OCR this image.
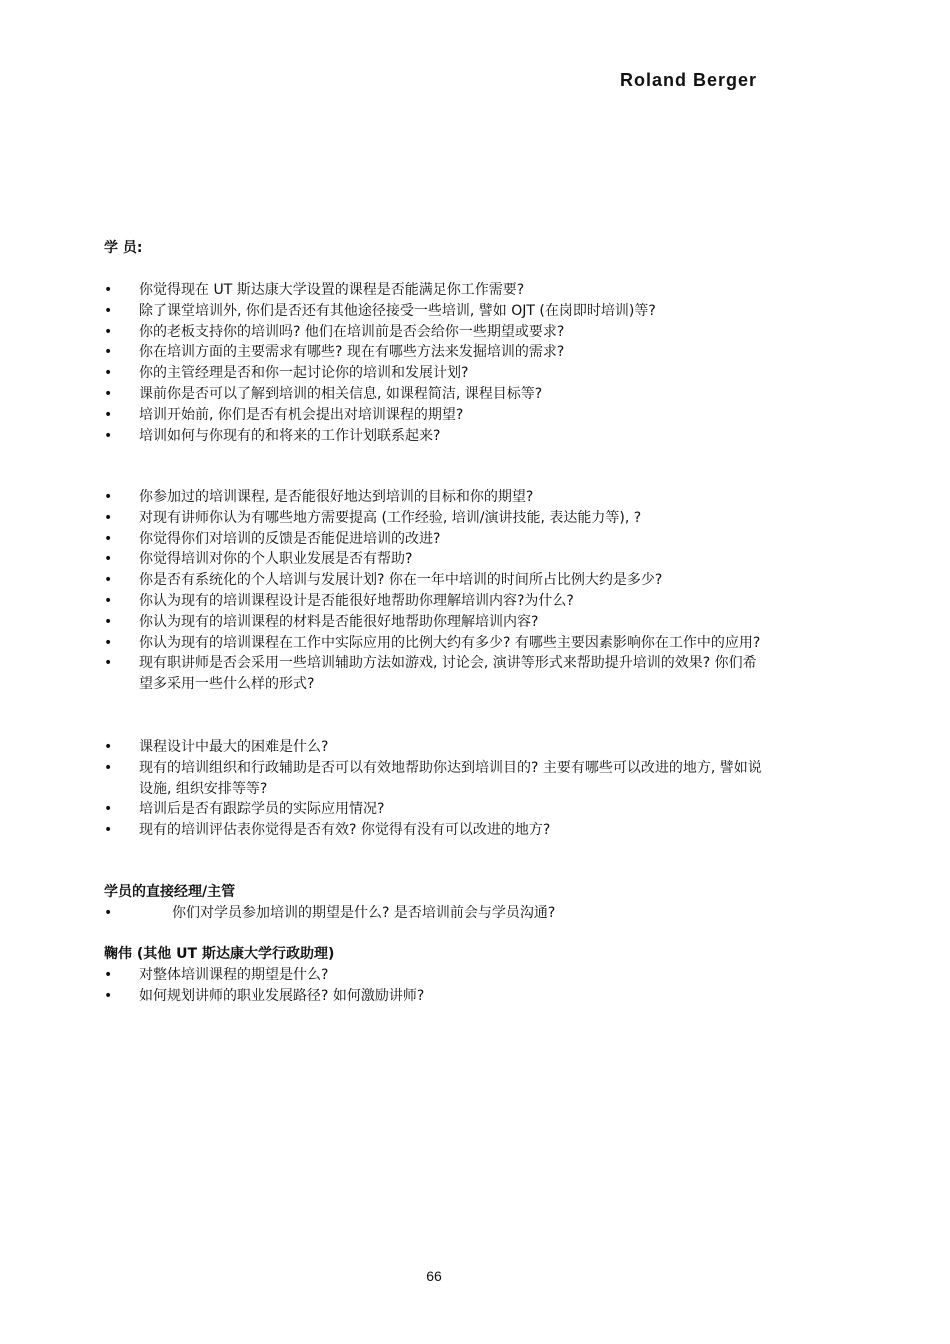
Roland Berger
学 员:
• 你觉得现在 UT 斯达康大学设置的课程是否能满足你工作需要?
• 除了课堂培训外, 你们是否还有其他途径接受一些培训, 譬如 OJT (在岗即时培训)等?
• 你的老板支持你的培训吗? 他们在培训前是否会给你一些期望或要求?
• 你在培训方面的主要需求有哪些? 现在有哪些方法来发掘培训的需求?
• 你的主管经理是否和你一起讨论你的培训和发展计划?
• 课前你是否可以了解到培训的相关信息, 如课程简洁, 课程目标等?
• 培训开始前, 你们是否有机会提出对培训课程的期望?
• 培训如何与你现有的和将来的工作计划联系起来?
• 你参加过的培训课程, 是否能很好地达到培训的目标和你的期望?
• 对现有讲师你认为有哪些地方需要提高 (工作经验, 培训/演讲技能, 表达能力等), ?
• 你觉得你们对培训的反馈是否能促进培训的改进?
• 你觉得培训对你的个人职业发展是否有帮助?
• 你是否有系统化的个人培训与发展计划? 你在一年中培训的时间所占比例大约是多少?
• 你认为现有的培训课程设计是否能很好地帮助你理解培训内容?为什么?
• 你认为现有的培训课程的材料是否能很好地帮助你理解培训内容?
• 你认为现有的培训课程在工作中实际应用的比例大约有多少? 有哪些主要因素影响你在工作中的应用?
• 现有职讲师是否会采用一些培训辅助方法如游戏, 讨论会, 演讲等形式来帮助提升培训的效果? 你们希望多采用一些什么样的形式?
• 课程设计中最大的困难是什么?
• 现有的培训组织和行政辅助是否可以有效地帮助你达到培训目的? 主要有哪些可以改进的地方, 譬如说设施, 组织安排等等?
• 培训后是否有跟踪学员的实际应用情况?
• 现有的培训评估表你觉得是否有效? 你觉得有没有可以改进的地方?
学员的直接经理/主管
•	你们对学员参加培训的期望是什么? 是否培训前会与学员沟通?
鞠伟 (其他 UT 斯达康大学行政助理)
• 对整体培训课程的期望是什么?
• 如何规划讲师的职业发展路径? 如何激励讲师?
66
